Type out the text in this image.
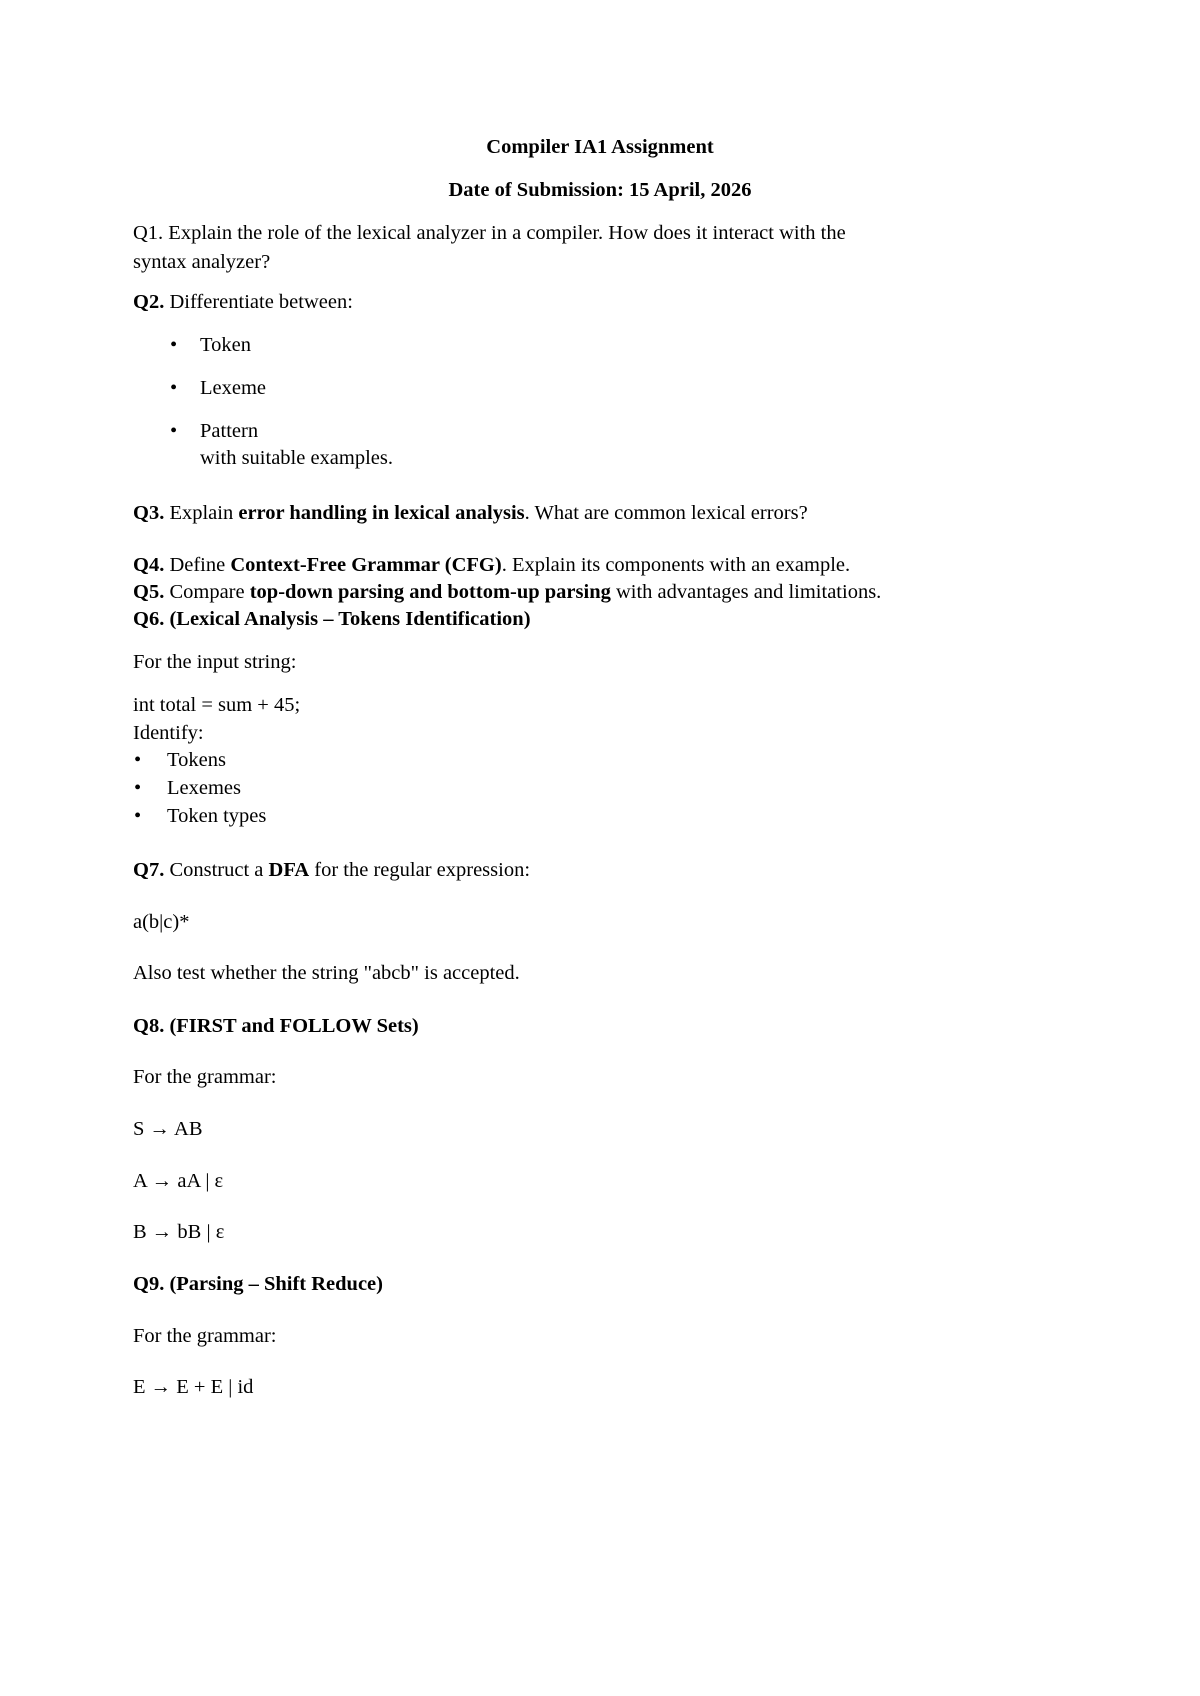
Compiler IA1 Assignment
Date of Submission: 15 April, 2026
Q1. Explain the role of the lexical analyzer in a compiler. How does it interact with the
syntax analyzer?
Q2. Differentiate between:
• Token
• Lexeme
• Pattern
with suitable examples.
Q3. Explain error handling in lexical analysis. What are common lexical errors?
Q4. Define Context-Free Grammar (CFG). Explain its components with an example.
Q5. Compare top-down parsing and bottom-up parsing with advantages and limitations.
Q6. (Lexical Analysis – Tokens Identification)
For the input string:
int total = sum + 45;
Identify:
• Tokens
• Lexemes
• Token types
Q7. Construct a DFA for the regular expression:
a(b|c)*
Also test whether the string "abcb" is accepted.
Q8. (FIRST and FOLLOW Sets)
For the grammar:
S → AB
A → aA | ε
B → bB | ε
Q9. (Parsing – Shift Reduce)
For the grammar:
E → E + E | id
